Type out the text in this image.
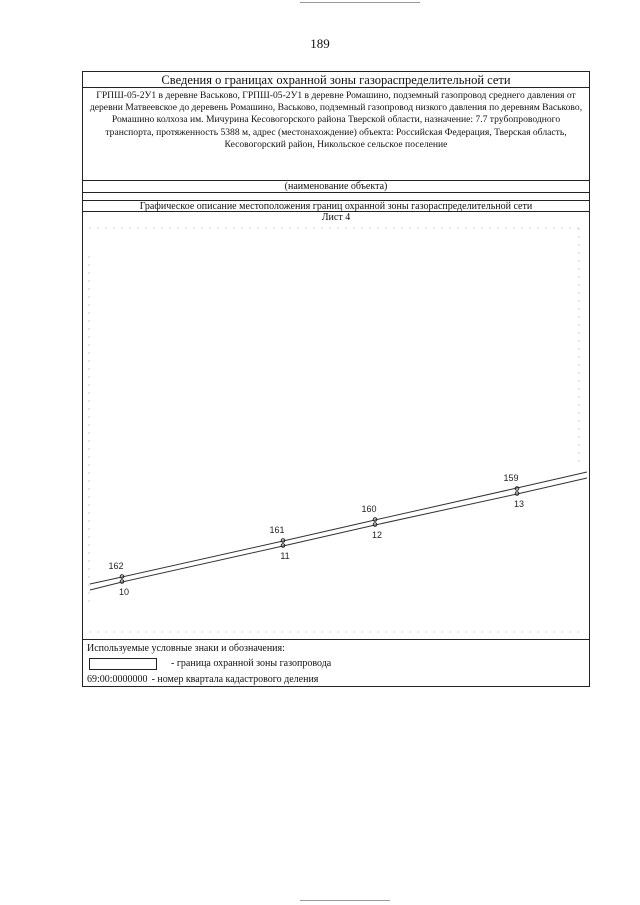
189
Сведения о границах охранной зоны газораспределительной сети
ГРПШ-05-2У1 в деревне Васьково, ГРПШ-05-2У1 в деревне Ромашино, подземный газопровод среднего давления от деревни Матвеевское до деревень Ромашино, Васьково, подземный газопровод низкого давления по деревням Васьково, Ромашино колхоза им. Мичурина Кесовогорского района Тверской области, назначение: 7.7 трубопроводного транспорта, протяженность 5388 м, адрес (местонахождение) объекта: Российская Федерация, Тверская область, Кесовогорский район, Никольское сельское поселение
(наименование объекта)
Графическое описание местоположения границ охранной зоны газораспределительной сети
Лист 4
162
10
161
11
160
12
159
13
Используемые условные знаки и обозначения:
- граница охранной зоны газопровода
69:00:0000000 - номер квартала кадастрового деления
